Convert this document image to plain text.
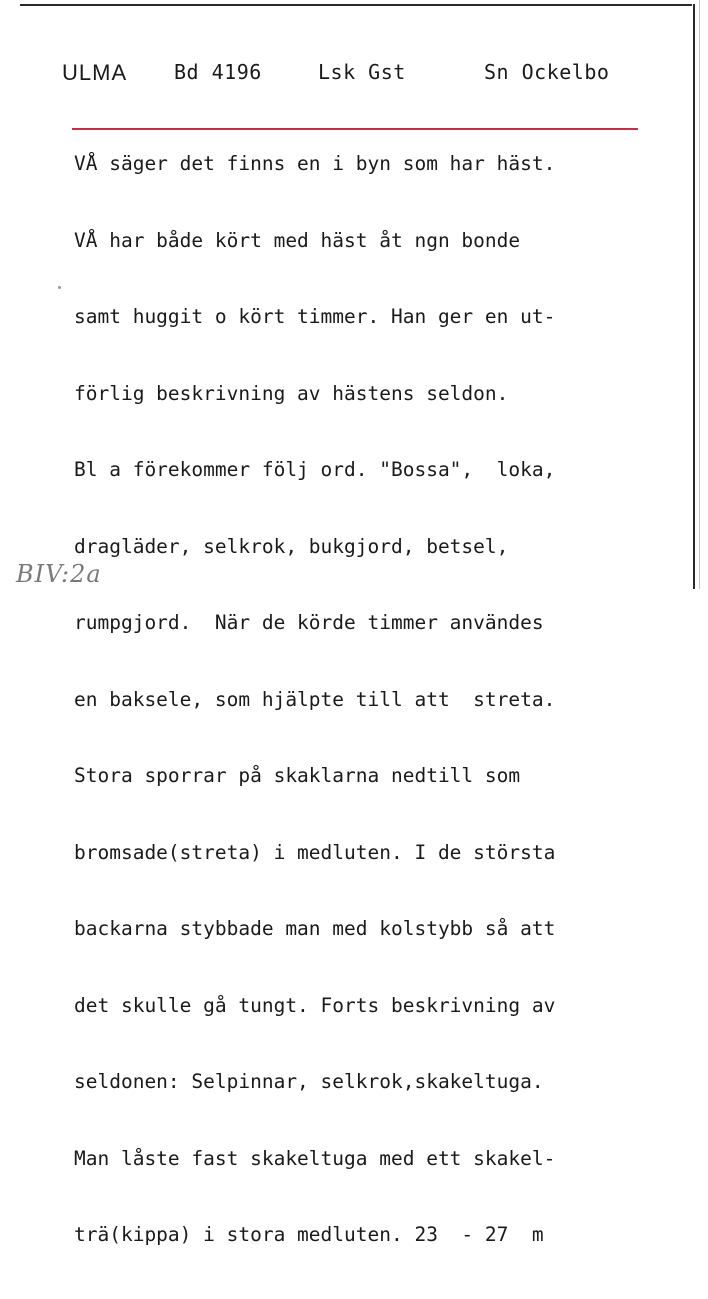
ULMA Bd 4196	Lsk Gst	Sn Ockelbo

VÅ säger det finns en i byn som har häst.

VÅ har både kört med häst åt ngn bonde

samt huggit o kört timmer. Han ger en ut-

förlig beskrivning av hästens seldon.

Bl a förekommer följ ord. "Bossa",  loka,

dragläder, selkrok, bukgjord, betsel,

rumpgjord.  När de körde timmer användes

en bakselе, som hjälpte till att  streta.

Stora sporrar på skaklarna nedtill som

bromsade(streta) i medluten. I de största

backarna stybbade man med kolstybb så att

det skulle gå tungt. Forts beskrivning av

seldonen: Selpinnar, selkrok,skakeltuga.

Man låste fast skakeltuga med ett skakel-

trä(kippa) i stora medluten. 23  - 27  m

BIV:2a
